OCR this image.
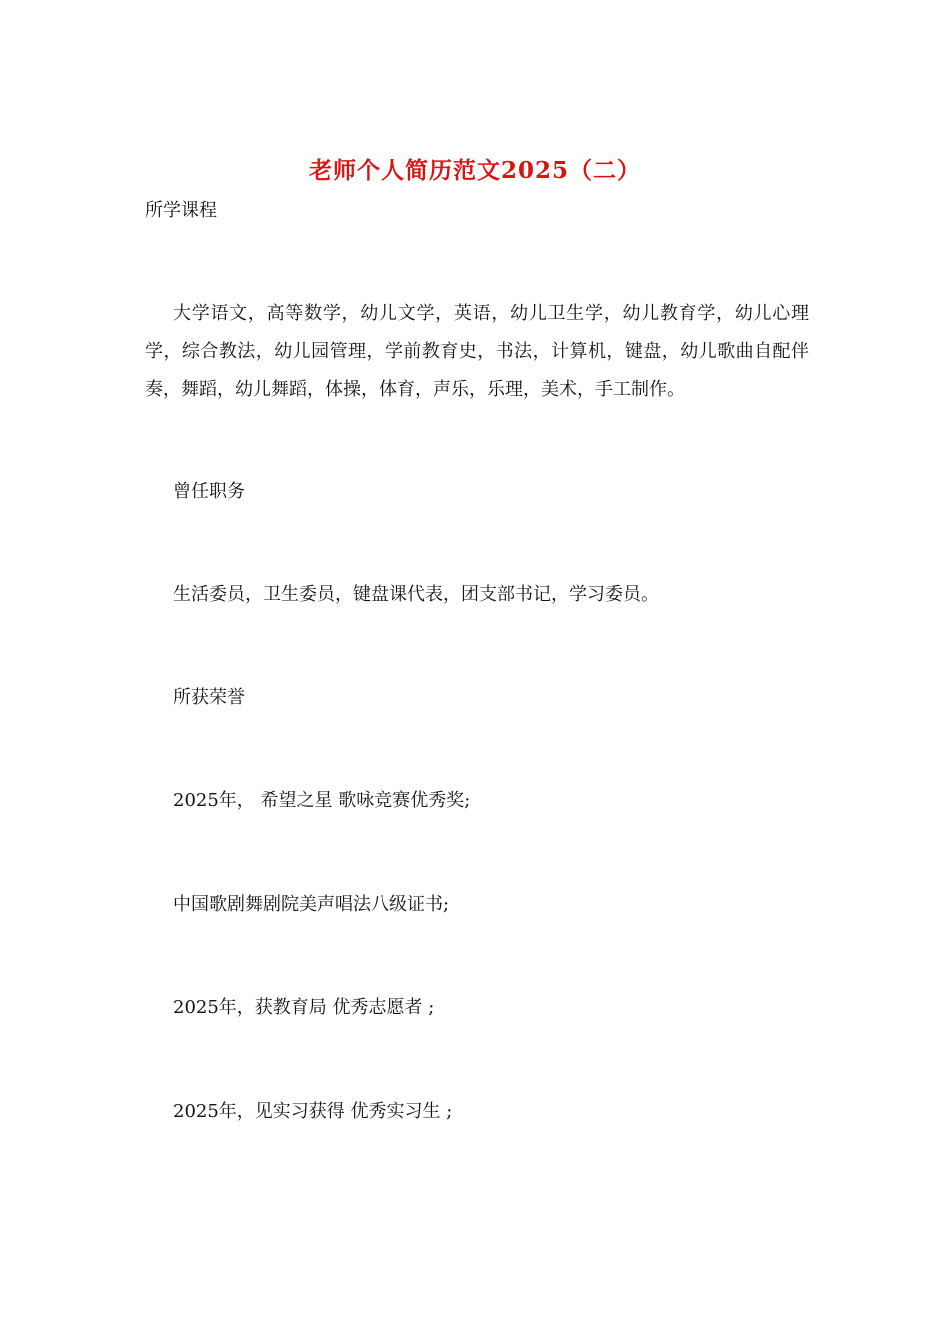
老师个人简历范文2025（二）
所学课程
大学语文，高等数学，幼儿文学，英语，幼儿卫生学，幼儿教育学，幼儿心理学，综合教法，幼儿园管理，学前教育史，书法，计算机，键盘，幼儿歌曲自配伴奏，舞蹈，幼儿舞蹈，体操，体育，声乐，乐理，美术，手工制作。
曾任职务
生活委员，卫生委员，键盘课代表，团支部书记，学习委员。
所获荣誉
2025年， 希望之星 歌咏竞赛优秀奖;
中国歌剧舞剧院美声唱法八级证书;
2025年，获教育局 优秀志愿者 ;
2025年，见实习获得 优秀实习生 ;
